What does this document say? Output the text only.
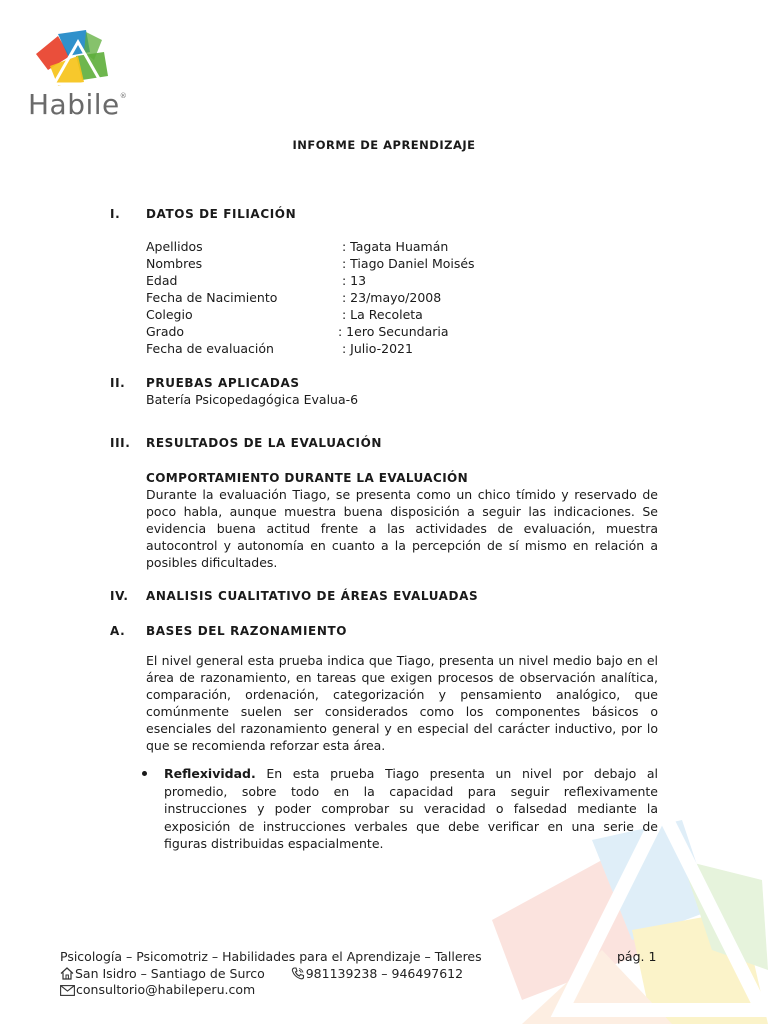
Habile®
INFORME DE APRENDIZAJE
I. DATOS DE FILIACIÓN
Apellidos	: Tagata Huamán
Nombres	: Tiago Daniel Moisés
Edad	: 13
Fecha de Nacimiento	: 23/mayo/2008
Colegio	: La Recoleta
Grado	: 1ero Secundaria
Fecha de evaluación	: Julio-2021
II. PRUEBAS APLICADAS
Batería Psicopedagógica Evalua-6
III. RESULTADOS DE LA EVALUACIÓN
COMPORTAMIENTO DURANTE LA EVALUACIÓN
Durante la evaluación Tiago, se presenta como un chico tímido y reservado de poco habla, aunque muestra buena disposición a seguir las indicaciones. Se evidencia buena actitud frente a las actividades de evaluación, muestra autocontrol y autonomía en cuanto a la percepción de sí mismo en relación a posibles dificultades.
IV. ANALISIS CUALITATIVO DE ÁREAS EVALUADAS
A. BASES DEL RAZONAMIENTO
El nivel general esta prueba indica que Tiago, presenta un nivel medio bajo en el área de razonamiento, en tareas que exigen procesos de observación analítica, comparación, ordenación, categorización y pensamiento analógico, que comúnmente suelen ser considerados como los componentes básicos o esenciales del razonamiento general y en especial del carácter inductivo, por lo que se recomienda reforzar esta área.
Reflexividad. En esta prueba Tiago presenta un nivel por debajo al promedio, sobre todo en la capacidad para seguir reflexivamente instrucciones y poder comprobar su veracidad o falsedad mediante la exposición de instrucciones verbales que debe verificar en una serie de figuras distribuidas espacialmente.
Psicología – Psicomotriz – Habilidades para el Aprendizaje – Talleres	pág. 1
San Isidro – Santiago de Surco	981139238 – 946497612
consultorio@habileperu.com
